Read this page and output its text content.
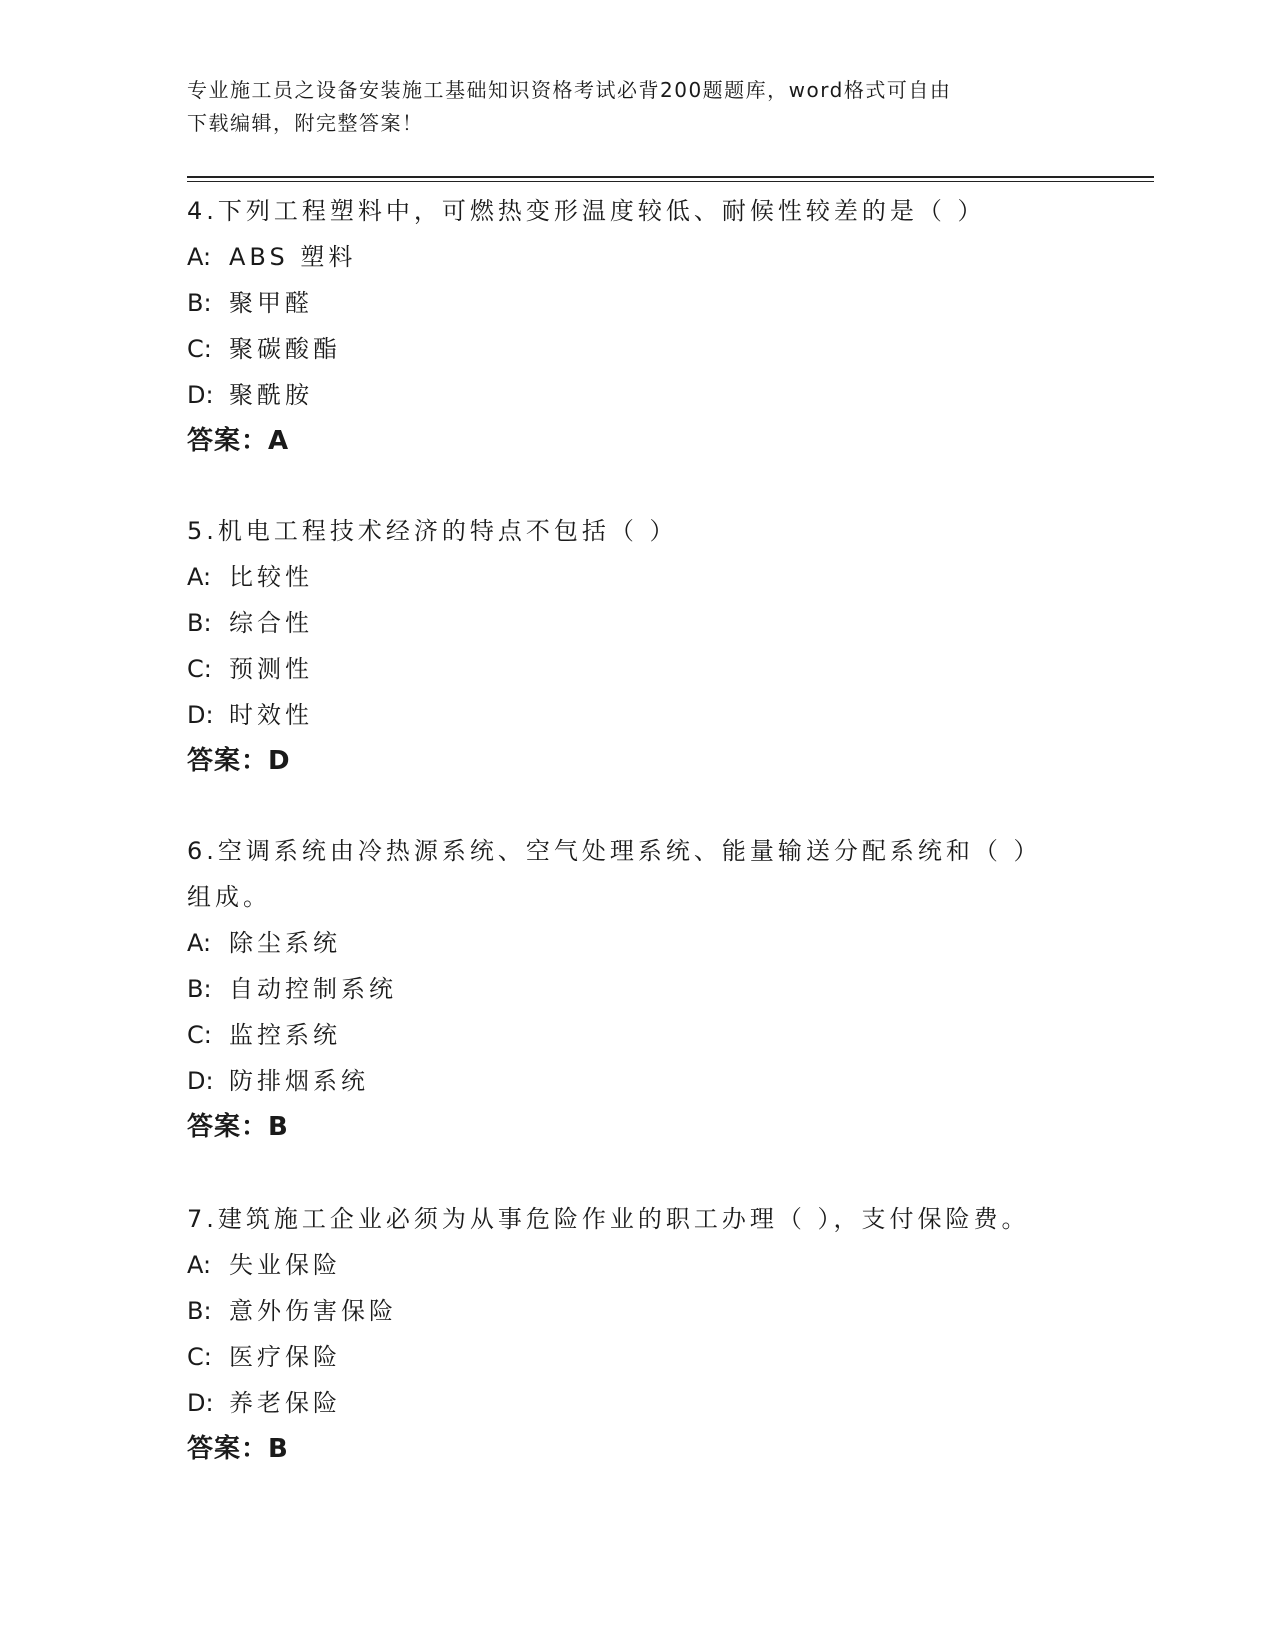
专业施工员之设备安装施工基础知识资格考试必背200题题库，word格式可自由
下载编辑，附完整答案！

4.下列工程塑料中，可燃热变形温度较低、耐候性较差的是（ ）

A: ABS 塑料

B: 聚甲醛

C: 聚碳酸酯

D: 聚酰胺

答案：A

5.机电工程技术经济的特点不包括（ ）

A: 比较性

B: 综合性

C: 预测性

D: 时效性

答案：D

6.空调系统由冷热源系统、空气处理系统、能量输送分配系统和（ ）

组成。

A: 除尘系统

B: 自动控制系统

C: 监控系统

D: 防排烟系统

答案：B

7.建筑施工企业必须为从事危险作业的职工办理（ ），支付保险费。

A: 失业保险

B: 意外伤害保险

C: 医疗保险

D: 养老保险

答案：B
